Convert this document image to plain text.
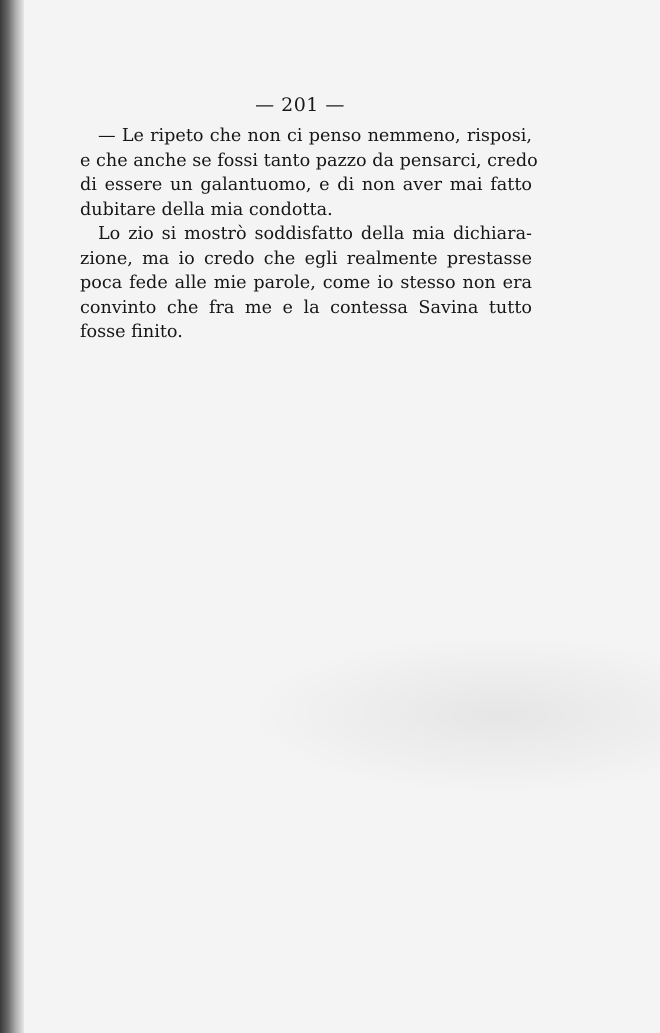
— 201 —
— Le ripeto che non ci penso nemmeno, risposi,
e che anche se fossi tanto pazzo da pensarci, credo
di essere un galantuomo, e di non aver mai fatto
dubitare della mia condotta.
Lo zio si mostrò soddisfatto della mia dichiara-
zione, ma io credo che egli realmente prestasse
poca fede alle mie parole, come io stesso non era
convinto che fra me e la contessa Savina tutto
fosse finito.
